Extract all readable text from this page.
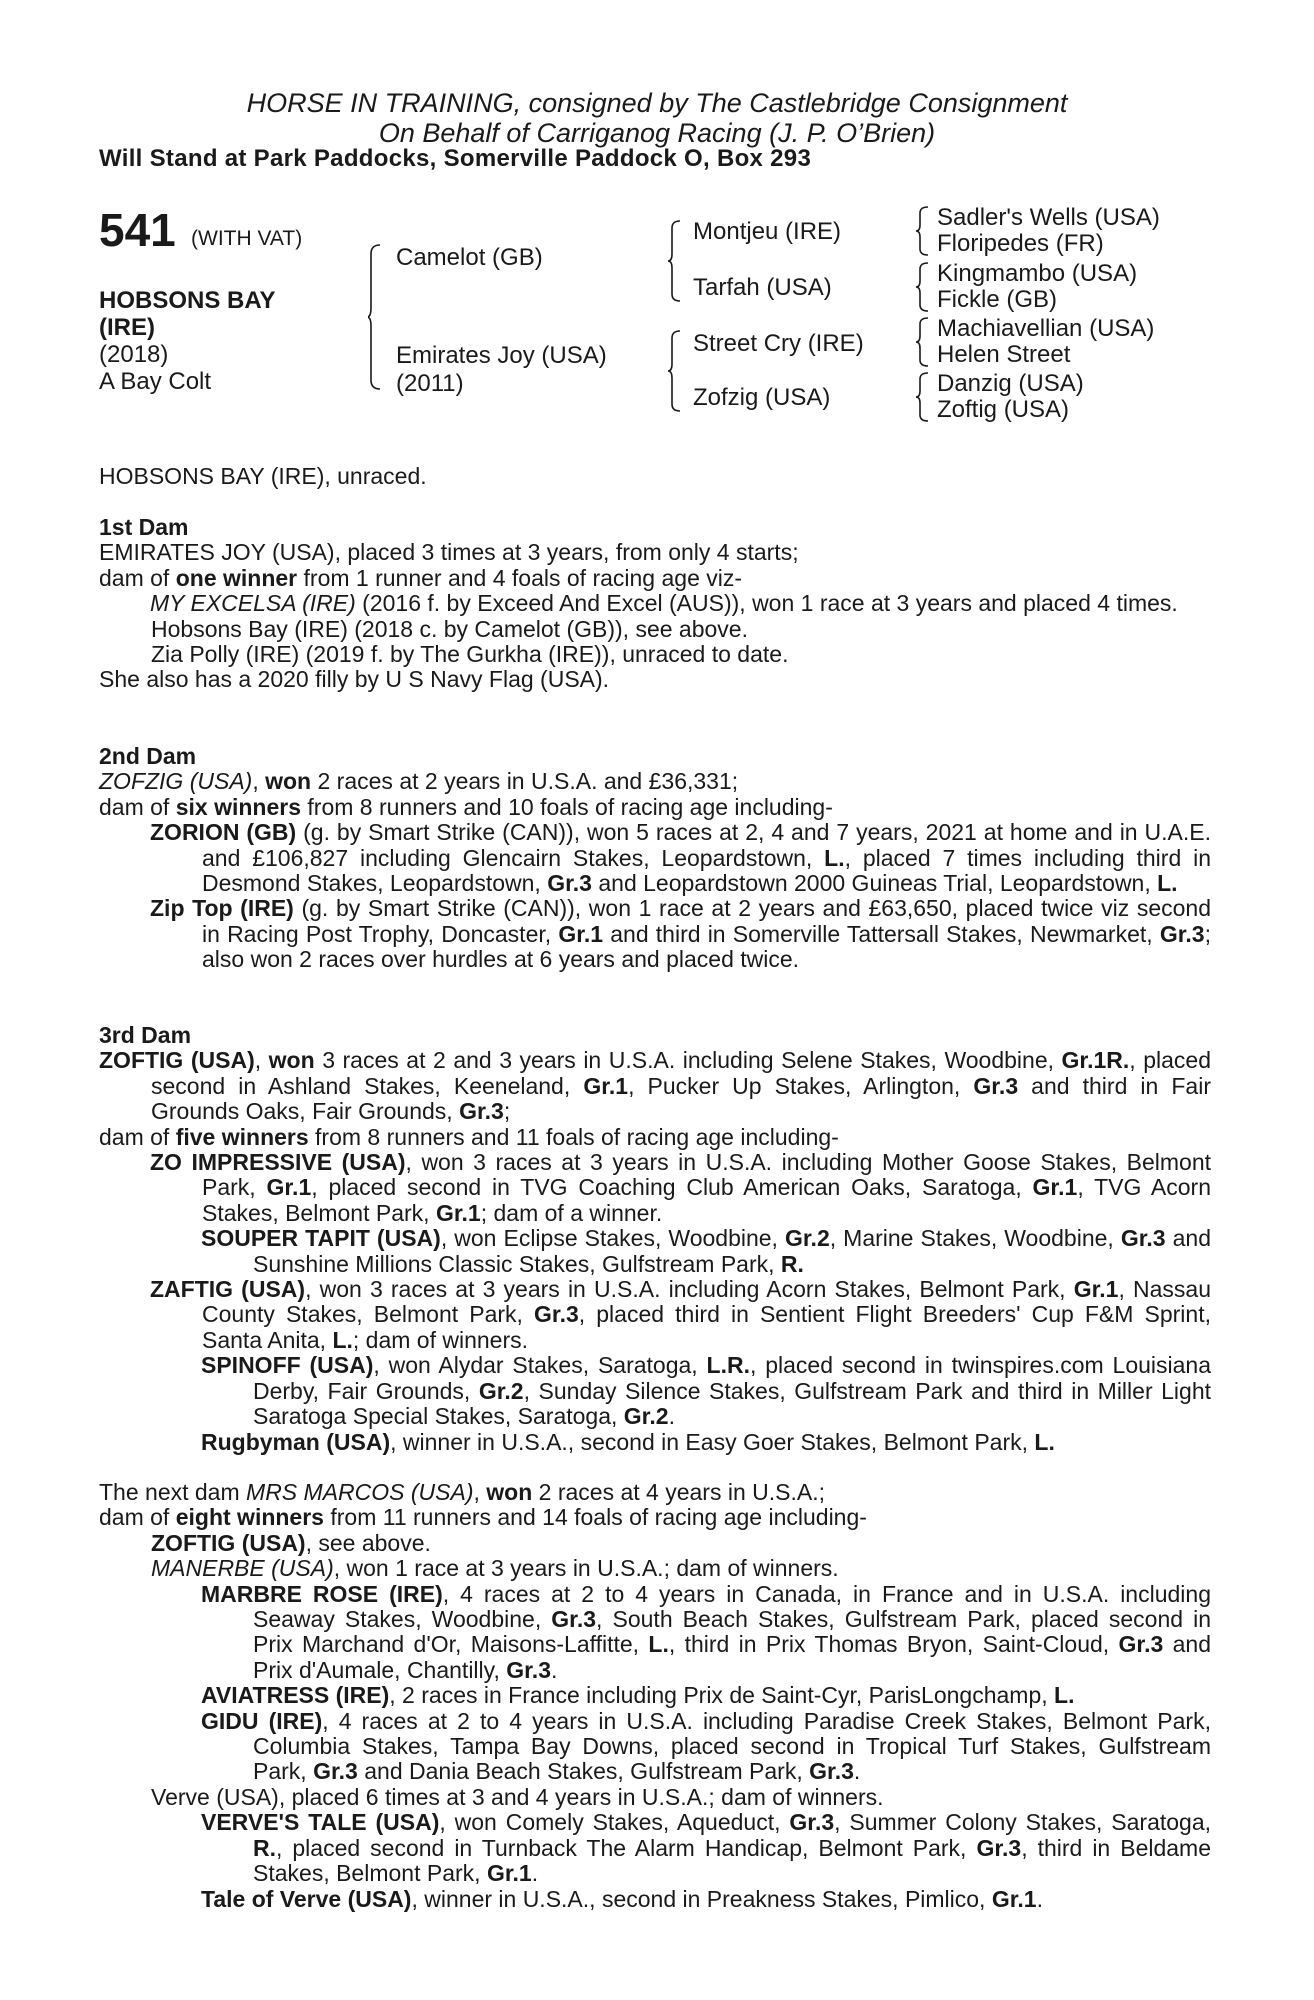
HORSE IN TRAINING, consigned by The Castlebridge Consignment
On Behalf of Carriganog Racing (J. P. O’Brien)
Will Stand at Park Paddocks, Somerville Paddock O, Box 293
541 (WITH VAT)
HOBSONS BAY
(IRE)
(2018)
A Bay Colt
Camelot (GB)
Emirates Joy (USA)
(2011)
Montjeu (IRE)
Tarfah (USA)
Street Cry (IRE)
Zofzig (USA)
Sadler's Wells (USA)
Floripedes (FR)
Kingmambo (USA)
Fickle (GB)
Machiavellian (USA)
Helen Street
Danzig (USA)
Zoftig (USA)

HOBSONS BAY (IRE), unraced.

1st Dam

EMIRATES JOY (USA), placed 3 times at 3 years, from only 4 starts;

dam of one winner from 1 runner and 4 foals of racing age viz-

MY EXCELSA (IRE) (2016 f. by Exceed And Excel (AUS)), won 1 race at 3 years and placed 4 times.

Hobsons Bay (IRE) (2018 c. by Camelot (GB)), see above.

Zia Polly (IRE) (2019 f. by The Gurkha (IRE)), unraced to date.

She also has a 2020 filly by U S Navy Flag (USA).

2nd Dam

ZOFZIG (USA), won 2 races at 2 years in U.S.A. and £36,331;

dam of six winners from 8 runners and 10 foals of racing age including-

ZORION (GB) (g. by Smart Strike (CAN)), won 5 races at 2, 4 and 7 years, 2021 at home and in U.A.E. and £106,827 including Glencairn Stakes, Leopardstown, L., placed 7 times including third in Desmond Stakes, Leopardstown, Gr.3 and Leopardstown 2000 Guineas Trial, Leopardstown, L.

Zip Top (IRE) (g. by Smart Strike (CAN)), won 1 race at 2 years and £63,650, placed twice viz second in Racing Post Trophy, Doncaster, Gr.1 and third in Somerville Tattersall Stakes, Newmarket, Gr.3; also won 2 races over hurdles at 6 years and placed twice.

3rd Dam

ZOFTIG (USA), won 3 races at 2 and 3 years in U.S.A. including Selene Stakes, Woodbine, Gr.1R., placed second in Ashland Stakes, Keeneland, Gr.1, Pucker Up Stakes, Arlington, Gr.3 and third in Fair Grounds Oaks, Fair Grounds, Gr.3;

dam of five winners from 8 runners and 11 foals of racing age including-

ZO IMPRESSIVE (USA), won 3 races at 3 years in U.S.A. including Mother Goose Stakes, Belmont Park, Gr.1, placed second in TVG Coaching Club American Oaks, Saratoga, Gr.1, TVG Acorn Stakes, Belmont Park, Gr.1; dam of a winner.

SOUPER TAPIT (USA), won Eclipse Stakes, Woodbine, Gr.2, Marine Stakes, Woodbine, Gr.3 and Sunshine Millions Classic Stakes, Gulfstream Park, R.

ZAFTIG (USA), won 3 races at 3 years in U.S.A. including Acorn Stakes, Belmont Park, Gr.1, Nassau County Stakes, Belmont Park, Gr.3, placed third in Sentient Flight Breeders' Cup F&M Sprint, Santa Anita, L.; dam of winners.

SPINOFF (USA), won Alydar Stakes, Saratoga, L.R., placed second in twinspires.com Louisiana Derby, Fair Grounds, Gr.2, Sunday Silence Stakes, Gulfstream Park and third in Miller Light Saratoga Special Stakes, Saratoga, Gr.2.

Rugbyman (USA), winner in U.S.A., second in Easy Goer Stakes, Belmont Park, L.

The next dam MRS MARCOS (USA), won 2 races at 4 years in U.S.A.;

dam of eight winners from 11 runners and 14 foals of racing age including-

ZOFTIG (USA), see above.

MANERBE (USA), won 1 race at 3 years in U.S.A.; dam of winners.

MARBRE ROSE (IRE), 4 races at 2 to 4 years in Canada, in France and in U.S.A. including Seaway Stakes, Woodbine, Gr.3, South Beach Stakes, Gulfstream Park, placed second in Prix Marchand d'Or, Maisons-Laffitte, L., third in Prix Thomas Bryon, Saint-Cloud, Gr.3 and Prix d'Aumale, Chantilly, Gr.3.

AVIATRESS (IRE), 2 races in France including Prix de Saint-Cyr, ParisLongchamp, L.

GIDU (IRE), 4 races at 2 to 4 years in U.S.A. including Paradise Creek Stakes, Belmont Park, Columbia Stakes, Tampa Bay Downs, placed second in Tropical Turf Stakes, Gulfstream Park, Gr.3 and Dania Beach Stakes, Gulfstream Park, Gr.3.

Verve (USA), placed 6 times at 3 and 4 years in U.S.A.; dam of winners.

VERVE'S TALE (USA), won Comely Stakes, Aqueduct, Gr.3, Summer Colony Stakes, Saratoga, R., placed second in Turnback The Alarm Handicap, Belmont Park, Gr.3, third in Beldame Stakes, Belmont Park, Gr.1.

Tale of Verve (USA), winner in U.S.A., second in Preakness Stakes, Pimlico, Gr.1.
